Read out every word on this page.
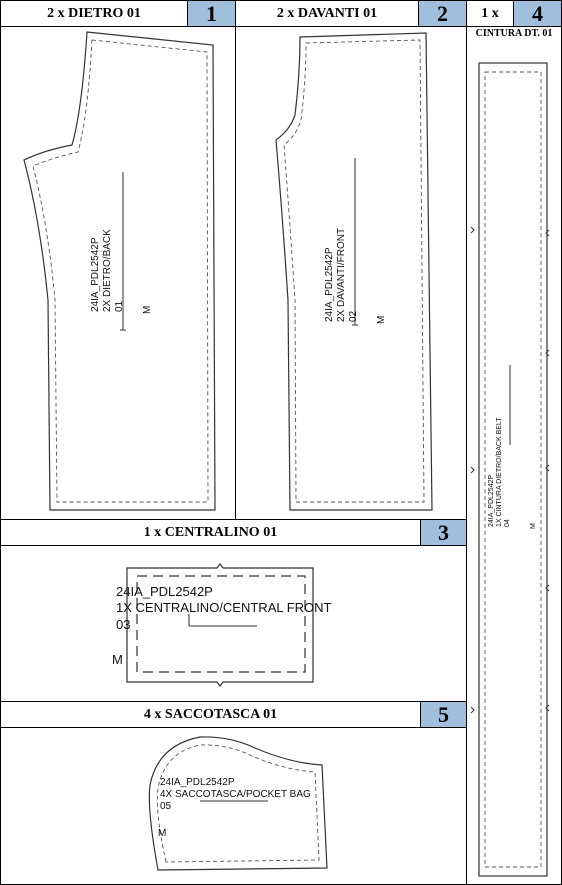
2 x DIETRO 01	1	2 x DAVANTI 01	2	1 x	4
CINTURA DT. 01
1 x CENTRALINO 01	3
4 x SACCOTASCA 01	5
24IA_PDL2542P 2X DIETRO/BACK 01 M	24IA_PDL2542P 2X DAVANTI/FRONT 02 M
24IA_PDL2542P 1X CINTURA DIETRO/BACK BELT 04	M
24IA_PDL2542P
1X CENTRALINO/CENTRAL FRONT
03
M
24IA_PDL2542P
4X SACCOTASCA/POCKET BAG
05
M
